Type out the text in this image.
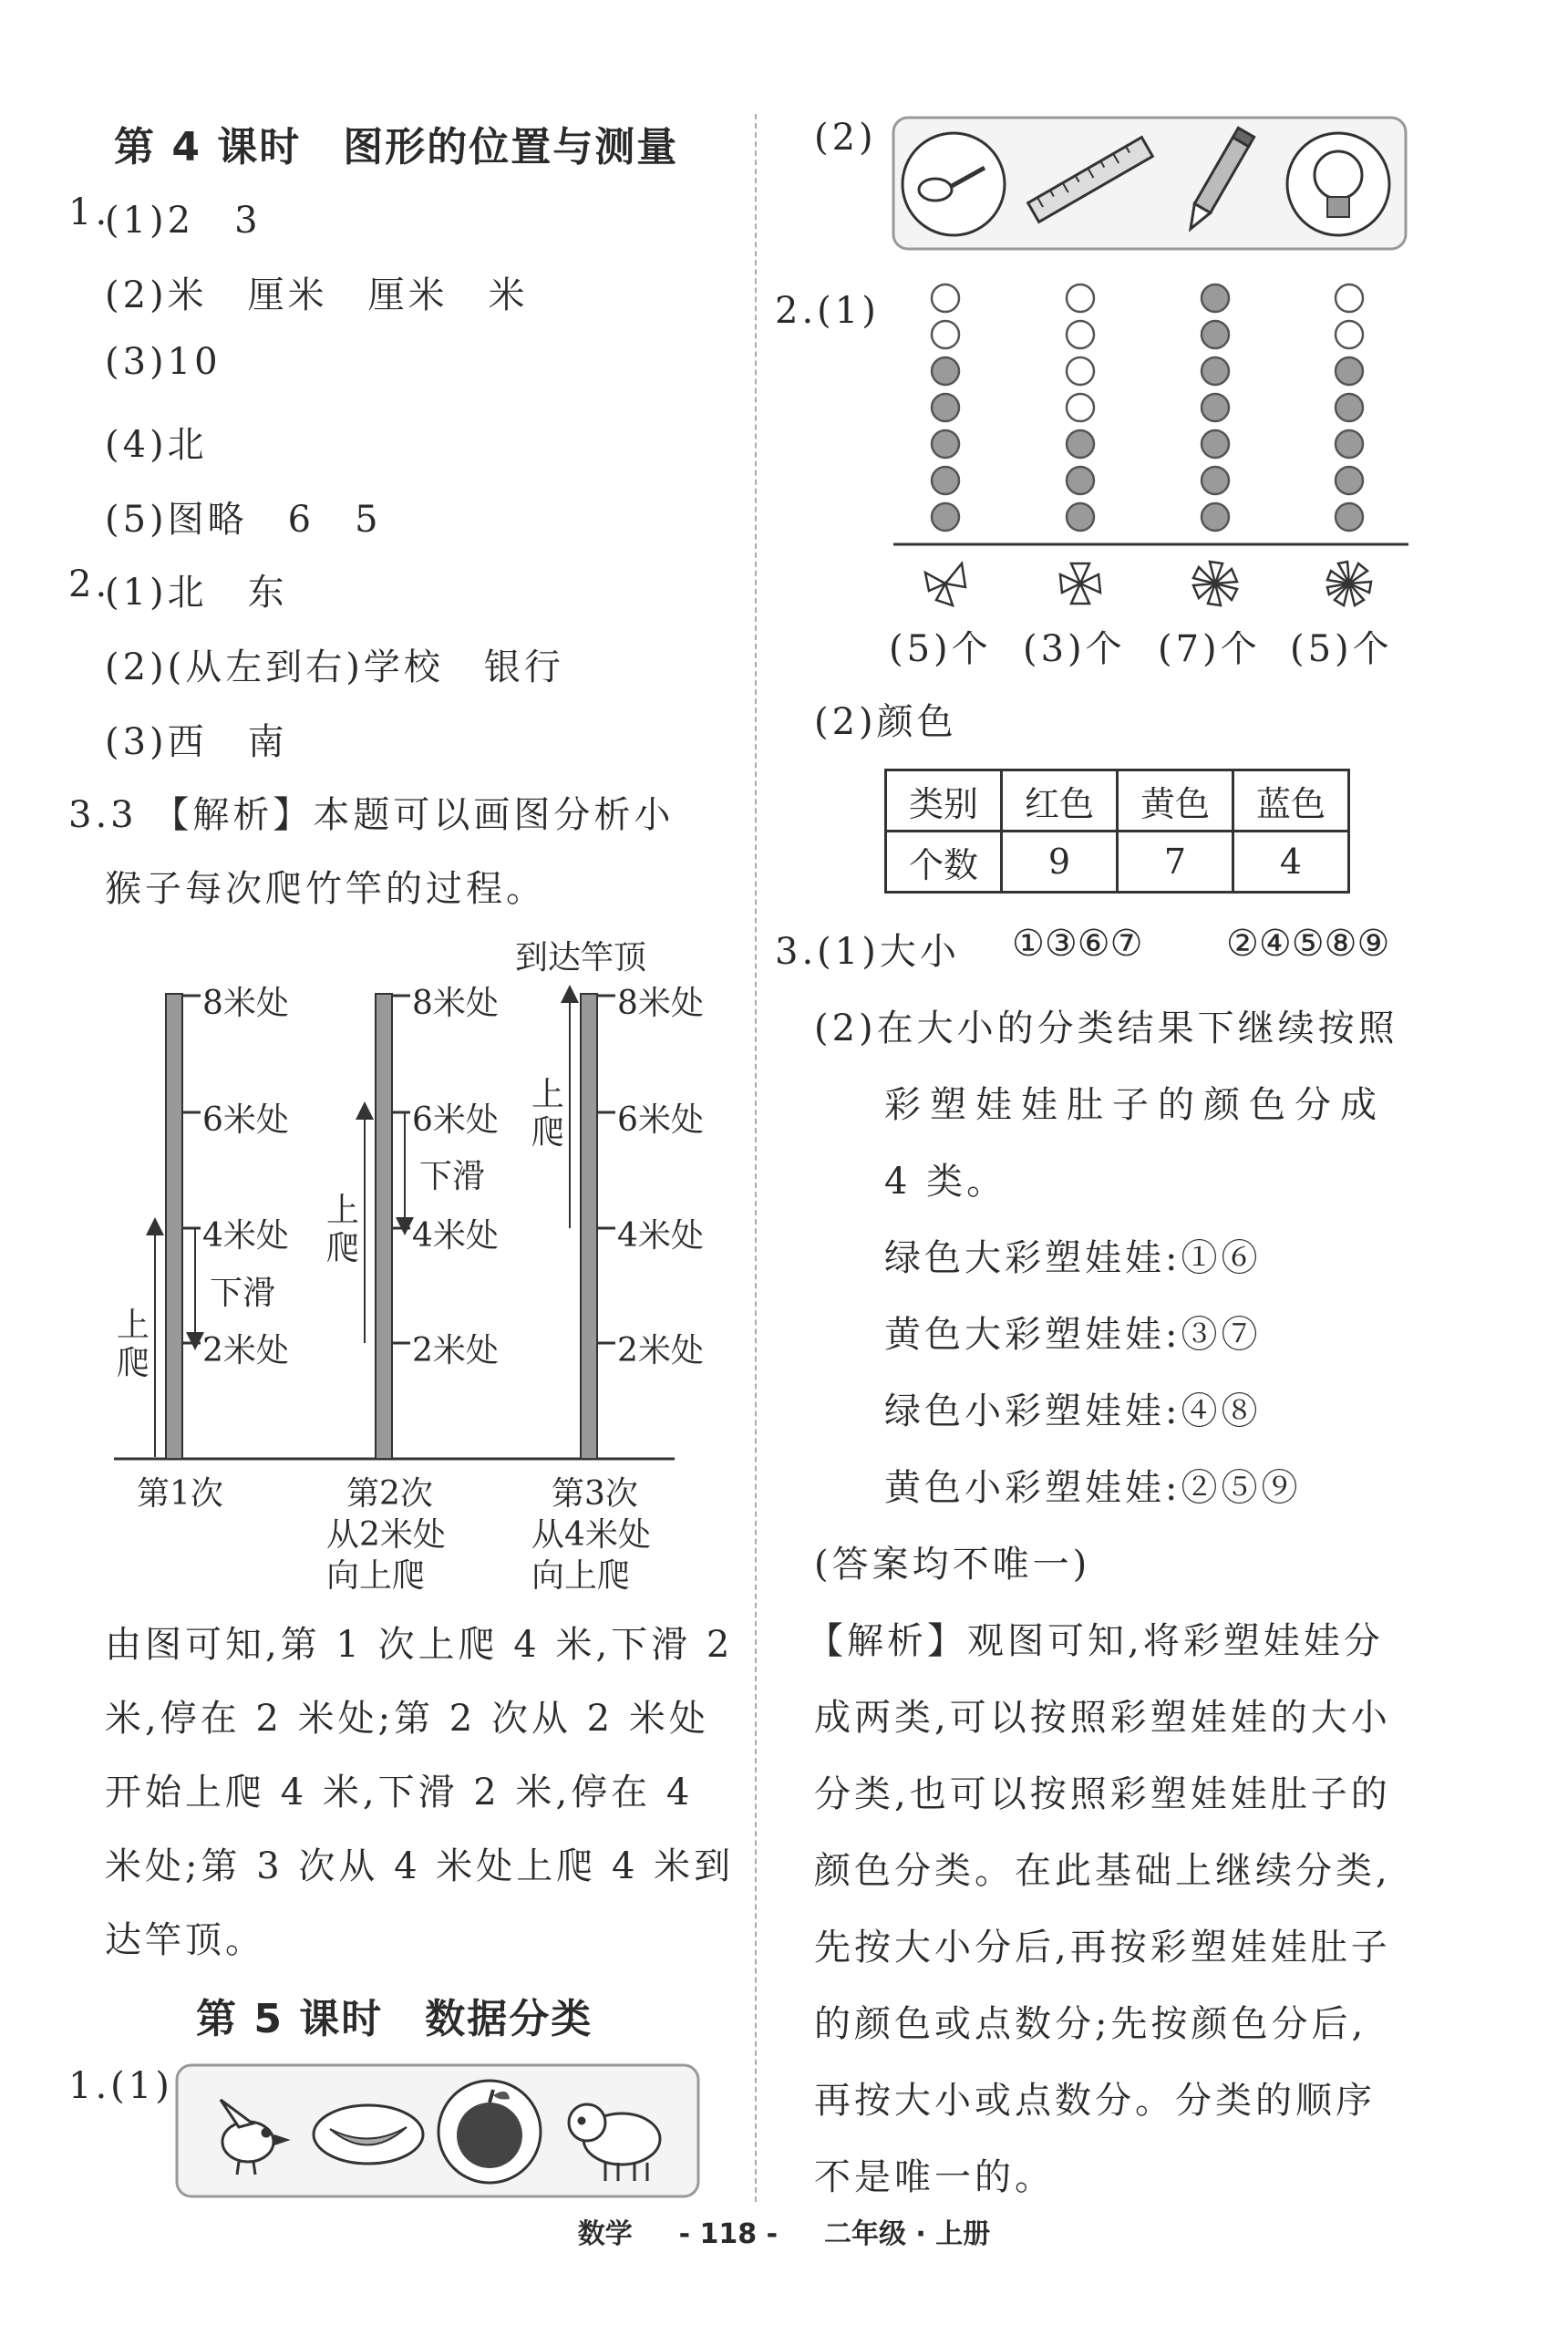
第 4 课时　图形的位置与测量
1.
(1)2　3
(2)米　厘米　厘米　米
(3)10
(4)北
(5)图略　6　5
2.
(1)北　东
(2)(从左到右)学校　银行
(3)西　南
3.3 【解析】本题可以画图分析小
猴子每次爬竹竿的过程。
到达竿顶
8米处	8米处	8米处
6米处	6米处	6米处
4米处	4米处	4米处
2米处	2米处	2米处
上
爬
上
爬
上
爬
下滑
下滑
第1次	第2次
从2米处
向上爬
第3次
从4米处
向上爬
由图可知,第 1 次上爬 4 米,下滑 2
米,停在 2 米处;第 2 次从 2 米处
开始上爬 4 米,下滑 2 米,停在 4
米处;第 3 次从 4 米处上爬 4 米到
达竿顶。
第 5 课时　数据分类
1.(1)
(2)
2.(1)
(5)个 (3)个 (7)个 (5)个
(2)颜色
类别	红色	黄色	蓝色
个数	9	7	4
3.(1)大小 ①③⑥⑦ ②④⑤⑧⑨
(2)在大小的分类结果下继续按照
彩塑娃娃肚子的颜色分成
4 类。
绿色大彩塑娃娃:①⑥
黄色大彩塑娃娃:③⑦
绿色小彩塑娃娃:④⑧
黄色小彩塑娃娃:②⑤⑨
(答案均不唯一)
【解析】观图可知,将彩塑娃娃分
成两类,可以按照彩塑娃娃的大小
分类,也可以按照彩塑娃娃肚子的
颜色分类。在此基础上继续分类,
先按大小分后,再按彩塑娃娃肚子
的颜色或点数分;先按颜色分后,
再按大小或点数分。分类的顺序
不是唯一的。
数学 - 118 - 二年级 · 上册
